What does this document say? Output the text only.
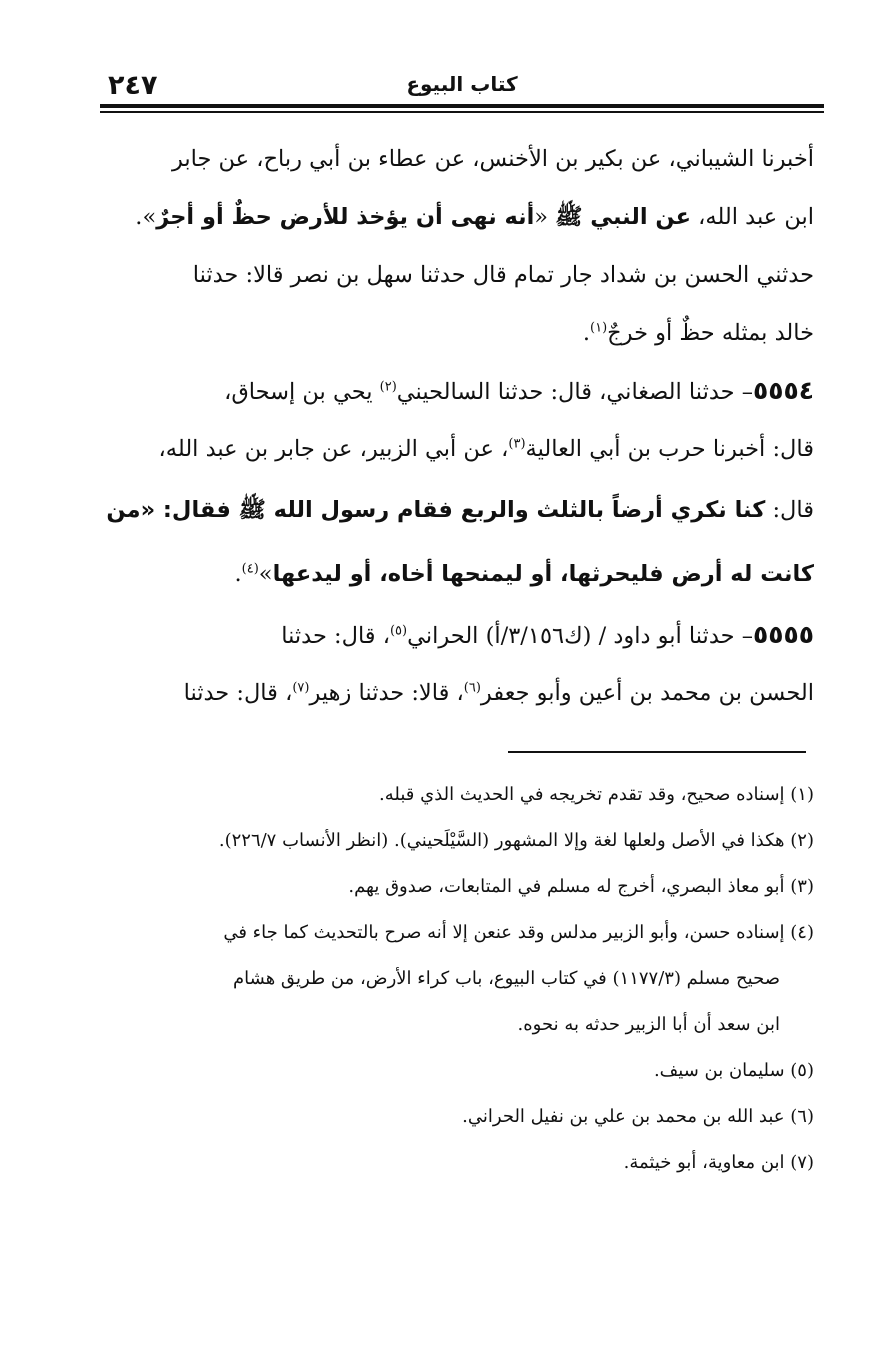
٢٤٧	كتاب البيوع
أخبرنا الشيباني، عن بكير بن الأخنس، عن عطاء بن أبي رباح، عن جابر
ابن عبد الله، عن النبي ﷺ «أنه نهى أن يؤخذ للأرض حظٌ أو أجرٌ».
حدثني الحسن بن شداد جار تمام قال حدثنا سهل بن نصر قالا: حدثنا
خالد بمثله حظٌ أو خرجٌ$^{(١)}$.
٥٥٥٤– حدثنا الصغاني، قال: حدثنا السالحيني$^{(٢)}$ يحي بن إسحاق،
قال: أخبرنا حرب بن أبي العالية$^{(٣)}$، عن أبي الزبير، عن جابر بن عبد الله،
قال: كنا نكري أرضاً بالثلث والربع فقام رسول الله ﷺ فقال: «من
كانت له أرض فليحرثها، أو ليمنحها أخاه، أو ليدعها»$^{(٤)}$.
٥٥٥٥– حدثنا أبو داود / (ك٣/١٥٦/أ) الحراني$^{(٥)}$، قال: حدثنا
الحسن بن محمد بن أعين وأبو جعفر$^{(٦)}$، قالا: حدثنا زهير$^{(٧)}$، قال: حدثنا
(١) إسناده صحيح، وقد تقدم تخريجه في الحديث الذي قبله.
(٢) هكذا في الأصل ولعلها لغة وإلا المشهور (السَّيْلَحيني). (انظر الأنساب ٢٢٦/٧).
(٣) أبو معاذ البصري، أخرج له مسلم في المتابعات، صدوق يهم.
(٤) إسناده حسن، وأبو الزبير مدلس وقد عنعن إلا أنه صرح بالتحديث كما جاء في
صحيح مسلم (١١٧٧/٣) في كتاب البيوع، باب كراء الأرض، من طريق هشام
ابن سعد أن أبا الزبير حدثه به نحوه.
(٥) سليمان بن سيف.
(٦) عبد الله بن محمد بن علي بن نفيل الحراني.
(٧) ابن معاوية، أبو خيثمة.
